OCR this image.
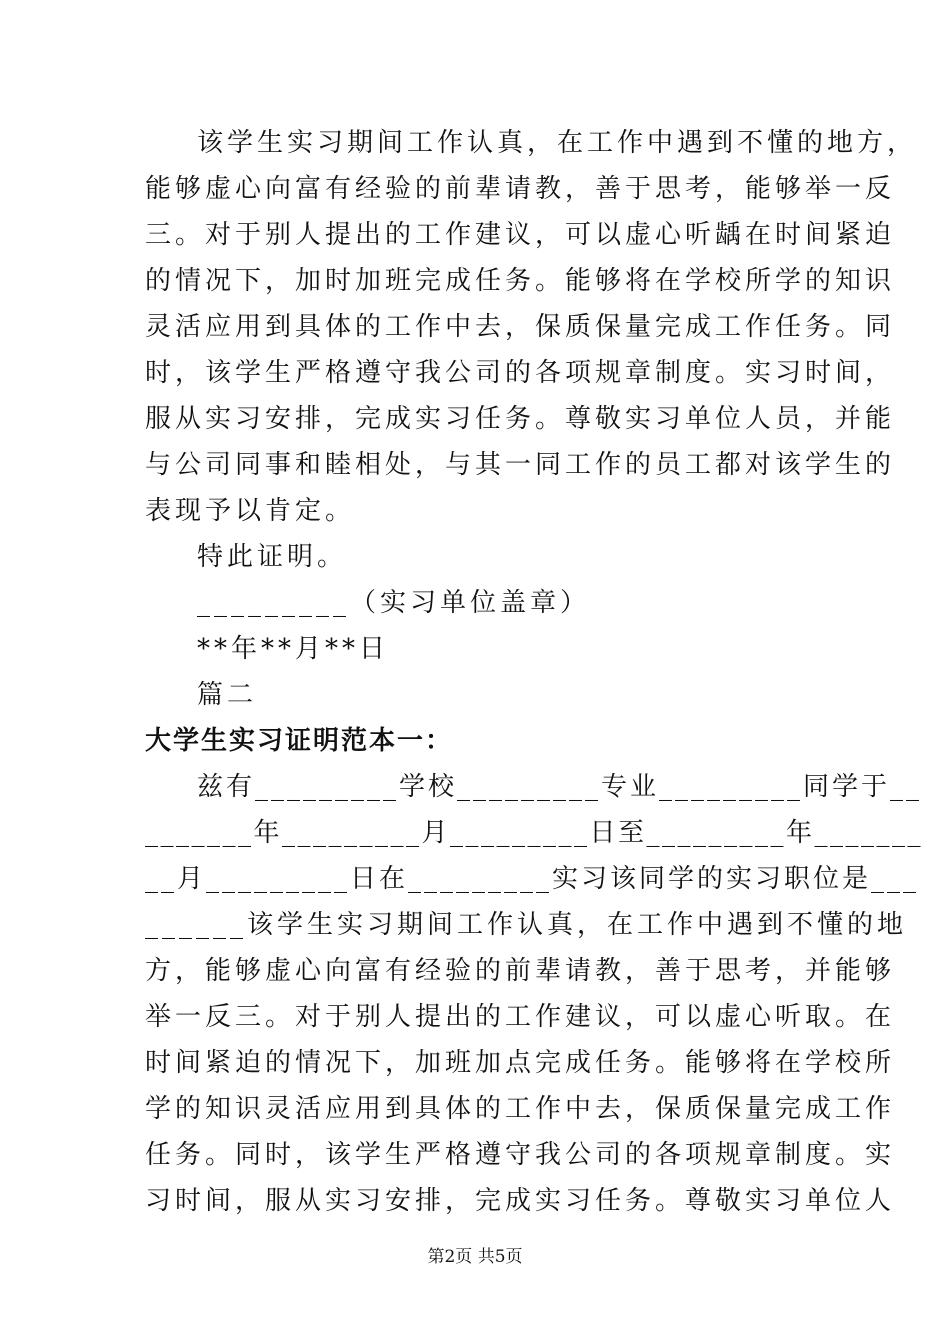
该学生实习期间工作认真，在工作中遇到不懂的地方，
能够虚心向富有经验的前辈请教，善于思考，能够举一反
三。对于别人提出的工作建议，可以虚心听龋在时间紧迫
的情况下，加时加班完成任务。能够将在学校所学的知识
灵活应用到具体的工作中去，保质保量完成工作任务。同
时，该学生严格遵守我公司的各项规章制度。实习时间，
服从实习安排，完成实习任务。尊敬实习单位人员，并能
与公司同事和睦相处，与其一同工作的员工都对该学生的
表现予以肯定。
特此证明。
_________（实习单位盖章）
**年**月**日
篇二
大学生实习证明范本一：
兹有_________学校_________专业_________同学于__
_______年_________月_________日至_________年_______
__月_________日在_________实习该同学的实习职位是___
______该学生实习期间工作认真，在工作中遇到不懂的地
方，能够虚心向富有经验的前辈请教，善于思考，并能够
举一反三。对于别人提出的工作建议，可以虚心听取。在
时间紧迫的情况下，加班加点完成任务。能够将在学校所
学的知识灵活应用到具体的工作中去，保质保量完成工作
任务。同时，该学生严格遵守我公司的各项规章制度。实
习时间，服从实习安排，完成实习任务。尊敬实习单位人
第2页 共5页
